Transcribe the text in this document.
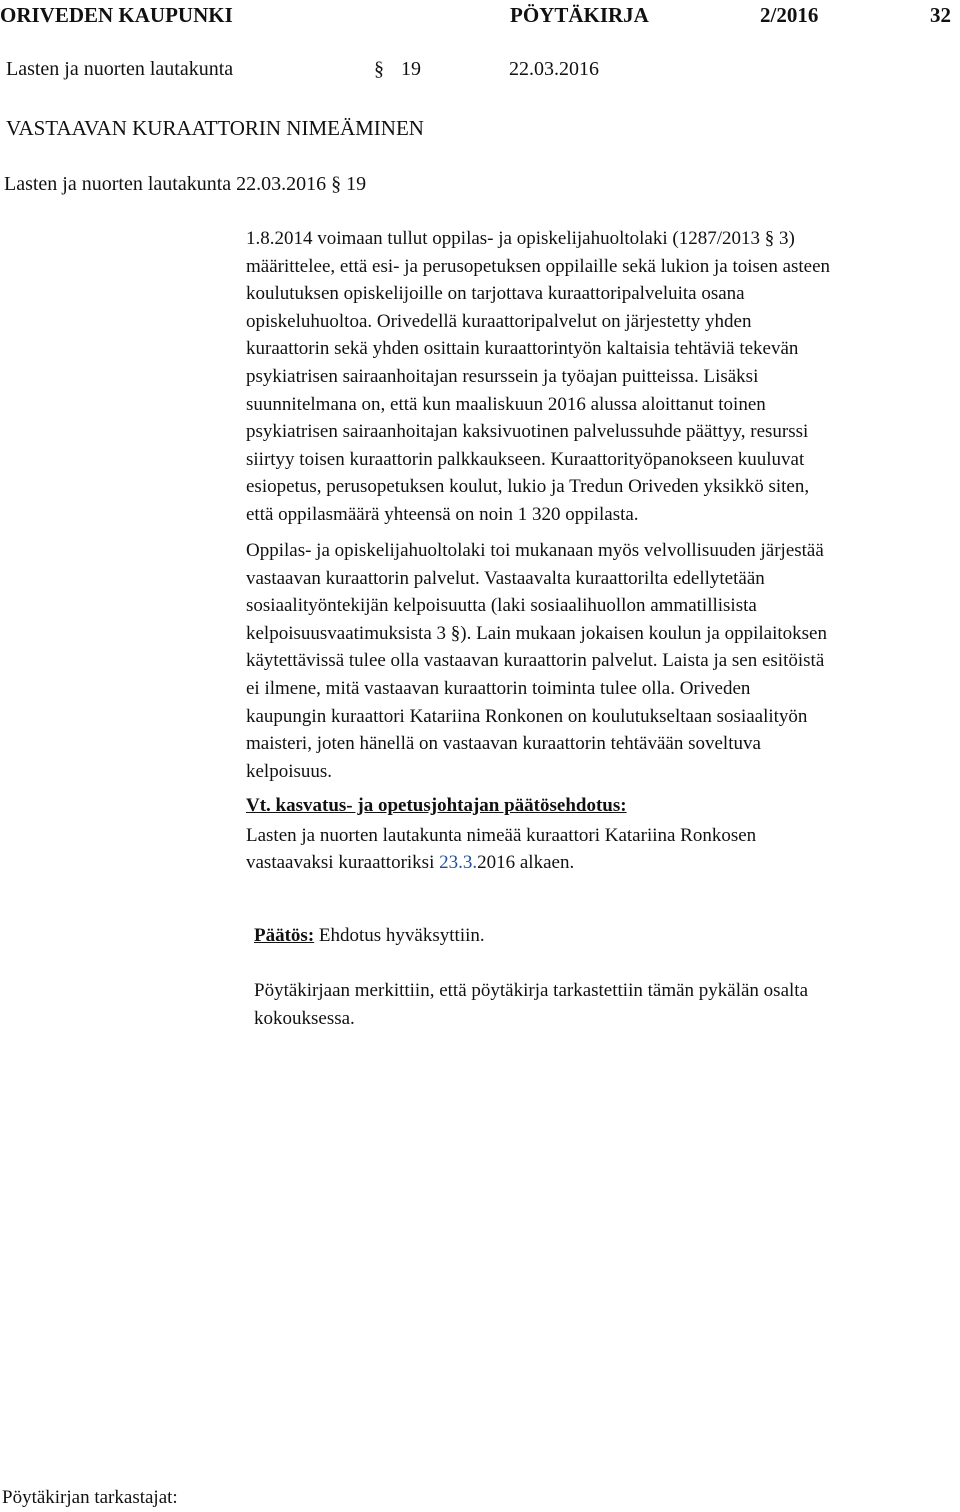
ORIVEDEN KAUPUNKI	PÖYTÄKIRJA	2/2016	32
Lasten ja nuorten lautakunta	§ 19	22.03.2016
VASTAAVAN KURAATTORIN NIMEÄMINEN
Lasten ja nuorten lautakunta 22.03.2016 § 19

1.8.2014 voimaan tullut oppilas- ja opiskelijahuoltolaki (1287/2013 § 3)

määrittelee, että esi- ja perusopetuksen oppilaille sekä lukion ja toisen asteen

koulutuksen opiskelijoille on tarjottava kuraattoripalveluita osana

opiskeluhuoltoa. Orivedellä kuraattoripalvelut on järjestetty yhden

kuraattorin sekä yhden osittain kuraattorintyön kaltaisia tehtäviä tekevän

psykiatrisen sairaanhoitajan resurssein ja työajan puitteissa. Lisäksi

suunnitelmana on, että kun maaliskuun 2016 alussa aloittanut toinen

psykiatrisen sairaanhoitajan kaksivuotinen palvelussuhde päättyy, resurssi

siirtyy toisen kuraattorin palkkaukseen. Kuraattorityöpanokseen kuuluvat

esiopetus, perusopetuksen koulut, lukio ja Tredun Oriveden yksikkö siten,

että oppilasmäärä yhteensä on noin 1 320 oppilasta.

Oppilas- ja opiskelijahuoltolaki toi mukanaan myös velvollisuuden järjestää

vastaavan kuraattorin palvelut. Vastaavalta kuraattorilta edellytetään

sosiaalityöntekijän kelpoisuutta (laki sosiaalihuollon ammatillisista

kelpoisuusvaatimuksista 3 §). Lain mukaan jokaisen koulun ja oppilaitoksen

käytettävissä tulee olla vastaavan kuraattorin palvelut. Laista ja sen esitöistä

ei ilmene, mitä vastaavan kuraattorin toiminta tulee olla. Oriveden

kaupungin kuraattori Katariina Ronkonen on koulutukseltaan sosiaalityön

maisteri, joten hänellä on vastaavan kuraattorin tehtävään soveltuva

kelpoisuus.

Vt. kasvatus- ja opetusjohtajan päätösehdotus:

Lasten ja nuorten lautakunta nimeää kuraattori Katariina Ronkosen

vastaavaksi kuraattoriksi 23.3.2016 alkaen.

Päätös: Ehdotus hyväksyttiin.

Pöytäkirjaan merkittiin, että pöytäkirja tarkastettiin tämän pykälän osalta

kokouksessa.

Pöytäkirjan tarkastajat:
